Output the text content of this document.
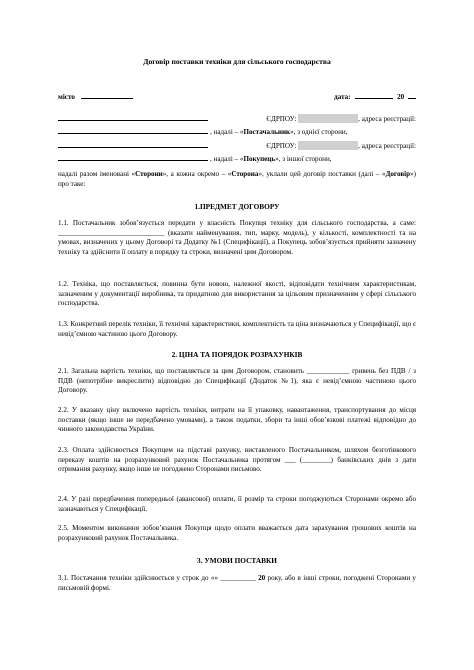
Договір поставки техніки для сільського господарства
місто	дата:	20
ЄДРПОУ:	, адреса реєстрації:
, надалі – «Постачальник», з однієї сторони,
ЄДРПОУ:	, адреса реєстрації:
, надалі – «Покупець», з іншої сторони,
надалі разом іменовані «Сторони», а кожна окремо – «Сторона», уклали цей договір поставки (далі – «Договір») про таке:
1.ПРЕДМЕТ ДОГОВОРУ
1.1. Постачальник зобов’язується передати у власність Покупця техніку для сільського господарства, а саме: ______________________________ (вказати найменування, тип, марку, модель), у кількості, комплектності та на умовах, визначених у цьому Договорі та Додатку №1 (Специфікації), а Покупець зобов’язується прийняти зазначену техніку та здійснити її оплату в порядку та строки, визначені цим Договором.
1.2. Техніка, що поставляється, повинна бути новою, належної якості, відповідати технічним характеристикам, зазначеним у документації виробника, та придатною для використання за цільовим призначенням у сфері сільського господарства.
1.3. Конкретний перелік техніки, її технічні характеристики, комплектність та ціна визначаються у Специфікації, що є невід’ємною частиною цього Договору.
2. ЦІНА ТА ПОРЯДОК РОЗРАХУНКІВ
2.1. Загальна вартість техніки, що поставляється за цим Договором, становить ____________ гривень без ПДВ / з ПДВ (непотрібне викреслити) відповідно до Специфікації (Додаток №1), яка є невід’ємною частиною цього Договору.
2.2. У вказану ціну включено вартість техніки, витрати на її упаковку, навантаження, транспортування до місця поставки (якщо інше не передбачено умовами), а також податки, збори та інші обов’язкові платежі відповідно до чинного законодавства України.
2.3. Оплата здійснюється Покупцем на підставі рахунку, виставленого Постачальником, шляхом безготівкового переказу коштів на розрахунковий рахунок Постачальника протягом ___ (________) банківських днів з дати отримання рахунку, якщо інше не погоджено Сторонами письмово.
2.4. У разі передбачення попередньої (авансової) оплати, її розмір та строки погоджуються Сторонами окремо або зазначаються у Специфікації.
2.5. Моментом виконання зобов’язання Покупця щодо оплати вважається дата зарахування грошових коштів на розрахунковий рахунок Постачальника.
3. УМОВИ ПОСТАВКИ
3.1. Постачання техніки здійснюється у строк до «» __________ 20 року, або в інші строки, погоджені Сторонами у письмовій формі.
